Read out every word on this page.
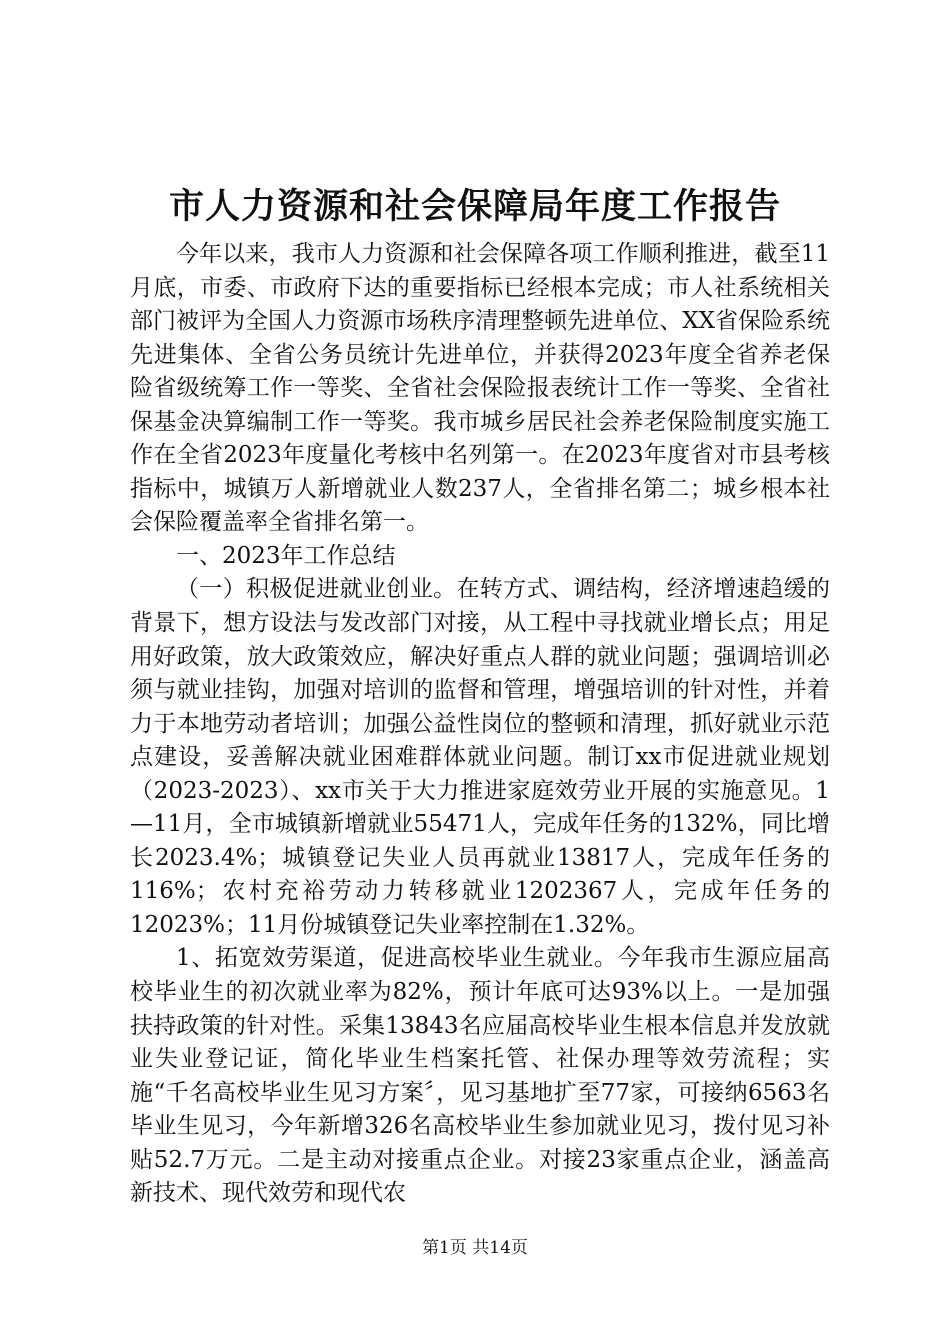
市人力资源和社会保障局年度工作报告

今年以来，我市人力资源和社会保障各项工作顺利推进，截至11月底，市委、市政府下达的重要指标已经根本完成；市人社系统相关部门被评为全国人力资源市场秩序清理整顿先进单位、XX省保险系统先进集体、全省公务员统计先进单位，并获得2023年度全省养老保险省级统筹工作一等奖、全省社会保险报表统计工作一等奖、全省社保基金决算编制工作一等奖。我市城乡居民社会养老保险制度实施工作在全省2023年度量化考核中名列第一。在2023年度省对市县考核指标中，城镇万人新增就业人数237人，全省排名第二；城乡根本社会保险覆盖率全省排名第一。

一、2023年工作总结

（一）积极促进就业创业。在转方式、调结构，经济增速趋缓的背景下，想方设法与发改部门对接，从工程中寻找就业增长点；用足用好政策，放大政策效应，解决好重点人群的就业问题；强调培训必须与就业挂钩，加强对培训的监督和管理，增强培训的针对性，并着力于本地劳动者培训；加强公益性岗位的整顿和清理，抓好就业示范点建设，妥善解决就业困难群体就业问题。制订xx市促进就业规划（2023-2023）、xx市关于大力推进家庭效劳业开展的实施意见。1—11月，全市城镇新增就业55471人，完成年任务的132%，同比增长2023.4%；城镇登记失业人员再就业13817人，完成年任务的116%；农村充裕劳动力转移就业1202367人，完成年任务的12023%；11月份城镇登记失业率控制在1.32%。

1、拓宽效劳渠道，促进高校毕业生就业。今年我市生源应届高校毕业生的初次就业率为82%，预计年底可达93%以上。一是加强扶持政策的针对性。采集13843名应届高校毕业生根本信息并发放就业失业登记证，简化毕业生档案托管、社保办理等效劳流程；实施“千名高校毕业生见习方案〞，见习基地扩至77家，可接纳6563名毕业生见习，今年新增326名高校毕业生参加就业见习，拨付见习补贴52.7万元。二是主动对接重点企业。对接23家重点企业，涵盖高新技术、现代效劳和现代农

第1页 共14页
